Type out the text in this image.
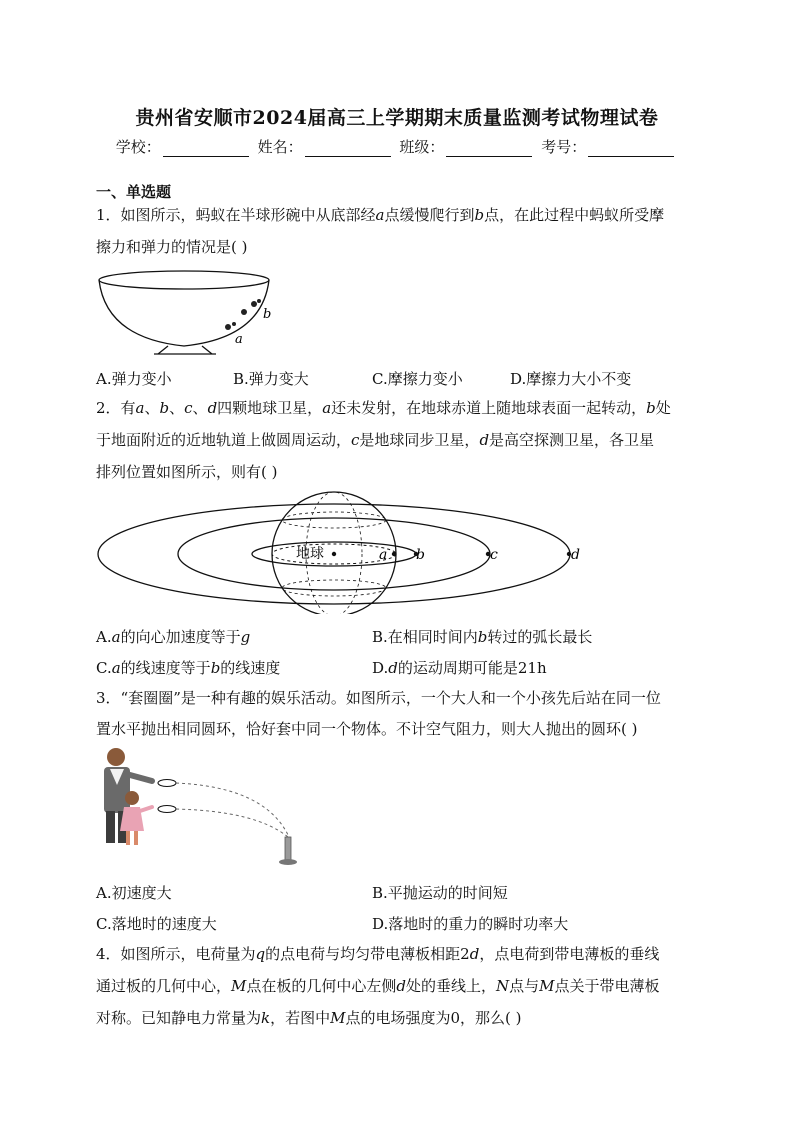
贵州省安顺市2024届高三上学期期末质量监测考试物理试卷
学校：	姓名：	班级：	考号：
一、单选题
1．如图所示，蚂蚁在半球形碗中从底部经a点缓慢爬行到b点，在此过程中蚂蚁所受摩
擦力和弹力的情况是( )
a
b
A.弹力变小	B.弹力变大	C.摩擦力变小	D.摩擦力大小不变
2．有a、b、c、d四颗地球卫星，a还未发射，在地球赤道上随地球表面一起转动，b处
于地面附近的近地轨道上做圆周运动，c是地球同步卫星，d是高空探测卫星，各卫星
排列位置如图所示，则有( )
地球	a b	c	d
A.a的向心加速度等于g	B.在相同时间内b转过的弧长最长
C.a的线速度等于b的线速度	D.d的运动周期可能是21h
3．“套圈圈”是一种有趣的娱乐活动。如图所示，一个大人和一个小孩先后站在同一位
置水平抛出相同圆环，恰好套中同一个物体。不计空气阻力，则大人抛出的圆环( )
A.初速度大	B.平抛运动的时间短
C.落地时的速度大	D.落地时的重力的瞬时功率大
4．如图所示，电荷量为q的点电荷与均匀带电薄板相距2d，点电荷到带电薄板的垂线
通过板的几何中心，M点在板的几何中心左侧d处的垂线上，N点与M点关于带电薄板
对称。已知静电力常量为k，若图中M点的电场强度为0，那么( )
